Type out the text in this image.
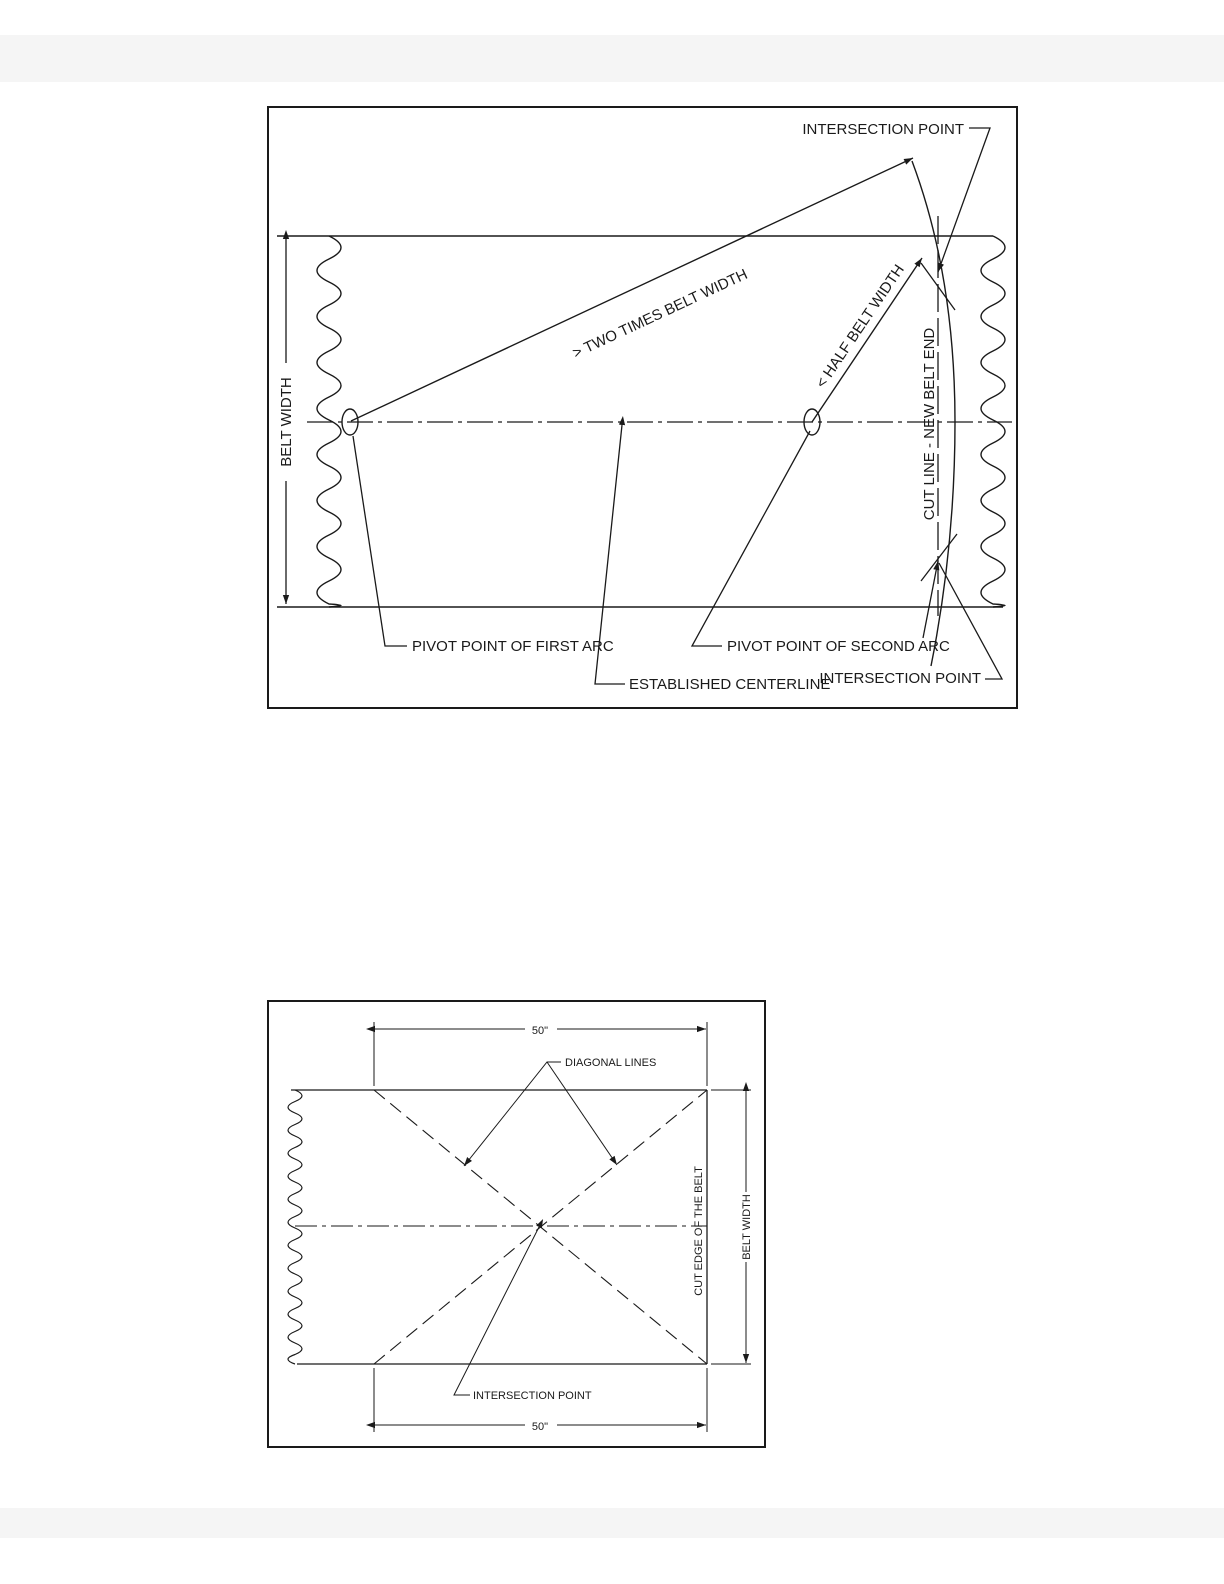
BELT WIDTH
> TWO TIMES BELT WIDTH	< HALF BELT WIDTH
CUT LINE - NEW BELT END
INTERSECTION POINT
PIVOT POINT OF FIRST ARC
ESTABLISHED CENTERLINE
PIVOT POINT OF SECOND ARC
INTERSECTION POINT
50"
50"
BELT WIDTH
CUT EDGE OF THE BELT
DIAGONAL LINES
INTERSECTION POINT
